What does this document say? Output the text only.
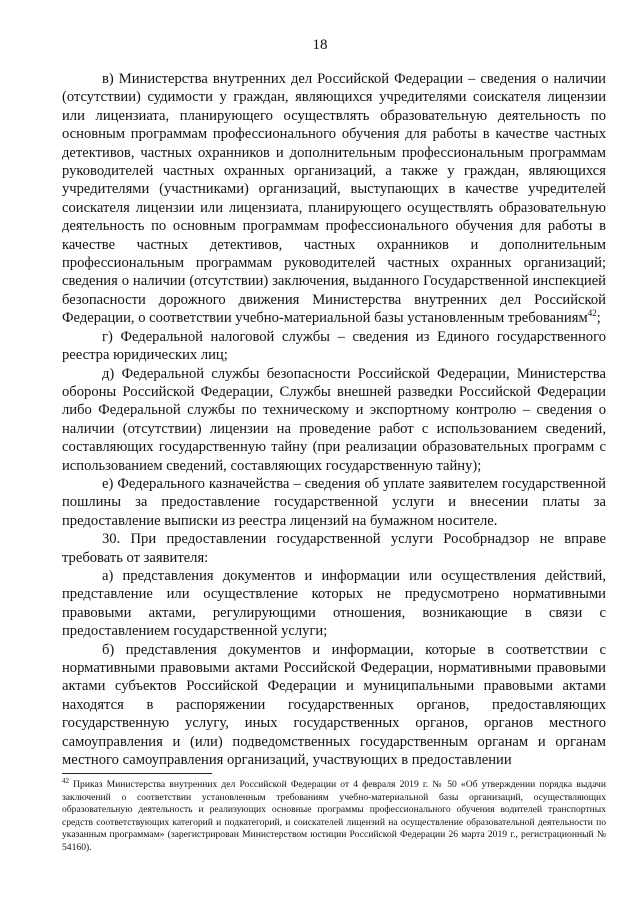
18

в) Министерства внутренних дел Российской Федерации – сведения о наличии (отсутствии) судимости у граждан, являющихся учредителями соискателя лицензии или лицензиата, планирующего осуществлять образовательную деятельность по основным программам профессионального обучения для работы в качестве частных детективов, частных охранников и дополнительным профессиональным программам руководителей частных охранных организаций, а также у граждан, являющихся учредителями (участниками) организаций, выступающих в качестве учредителей соискателя лицензии или лицензиата, планирующего осуществлять образовательную деятельность по основным программам профессионального обучения для работы в качестве частных детективов, частных охранников и дополнительным профессиональным программам руководителей частных охранных организаций; сведения о наличии (отсутствии) заключения, выданного Государственной инспекцией безопасности дорожного движения Министерства внутренних дел Российской Федерации, о соответствии учебно-материальной базы установленным требованиям$^{42}$;

г) Федеральной налоговой службы – сведения из Единого государственного реестра юридических лиц;

д) Федеральной службы безопасности Российской Федерации, Министерства обороны Российской Федерации, Службы внешней разведки Российской Федерации либо Федеральной службы по техническому и экспортному контролю – сведения о наличии (отсутствии) лицензии на проведение работ с использованием сведений, составляющих государственную тайну (при реализации образовательных программ с использованием сведений, составляющих государственную тайну);

е) Федерального казначейства – сведения об уплате заявителем государственной пошлины за предоставление государственной услуги и внесении платы за предоставление выписки из реестра лицензий на бумажном носителе.

30. При предоставлении государственной услуги Рособрнадзор не вправе требовать от заявителя:

а) представления документов и информации или осуществления действий, представление или осуществление которых не предусмотрено нормативными правовыми актами, регулирующими отношения, возникающие в связи с предоставлением государственной услуги;

б) представления документов и информации, которые в соответствии с нормативными правовыми актами Российской Федерации, нормативными правовыми актами субъектов Российской Федерации и муниципальными правовыми актами находятся в распоряжении государственных органов, предоставляющих государственную услугу, иных государственных органов, органов местного самоуправления и (или) подведомственных государственным органам и органам местного самоуправления организаций, участвующих в предоставлении

$^{42}$ Приказ Министерства внутренних дел Российской Федерации от 4 февраля 2019 г. № 50 «Об утверждении порядка выдачи заключений о соответствии установленным требованиям учебно-материальной базы организаций, осуществляющих образовательную деятельность и реализующих основные программы профессионального обучения водителей транспортных средств соответствующих категорий и подкатегорий, и соискателей лицензий на осуществление образовательной деятельности по указанным программам» (зарегистрирован Министерством юстиции Российской Федерации 26 марта 2019 г., регистрационный № 54160).
